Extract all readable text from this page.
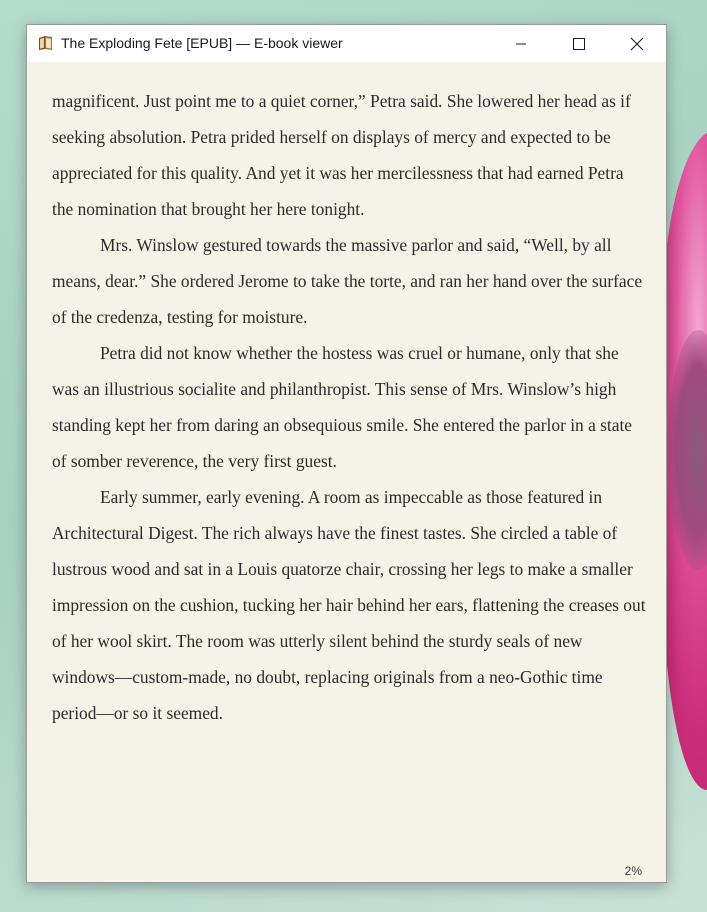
The Exploding Fete [EPUB] — E-book viewer

magnificent. Just point me to a quiet corner,” Petra said. She lowered her head as if seeking absolution. Petra prided herself on displays of mercy and expected to be appreciated for this quality. And yet it was her mercilessness that had earned Petra the nomination that brought her here tonight.

Mrs. Winslow gestured towards the massive parlor and said, “Well, by all means, dear.” She ordered Jerome to take the torte, and ran her hand over the surface of the credenza, testing for moisture.

Petra did not know whether the hostess was cruel or humane, only that she was an illustrious socialite and philanthropist. This sense of Mrs. Winslow’s high standing kept her from daring an obsequious smile. She entered the parlor in a state of somber reverence, the very first guest.

Early summer, early evening. A room as impeccable as those featured in Architectural Digest. The rich always have the finest tastes. She circled a table of lustrous wood and sat in a Louis quatorze chair, crossing her legs to make a smaller impression on the cushion, tucking her hair behind her ears, flattening the creases out of her wool skirt. The room was utterly silent behind the sturdy seals of new windows—custom-made, no doubt, replacing originals from a neo-Gothic time period—or so it seemed.

2%
